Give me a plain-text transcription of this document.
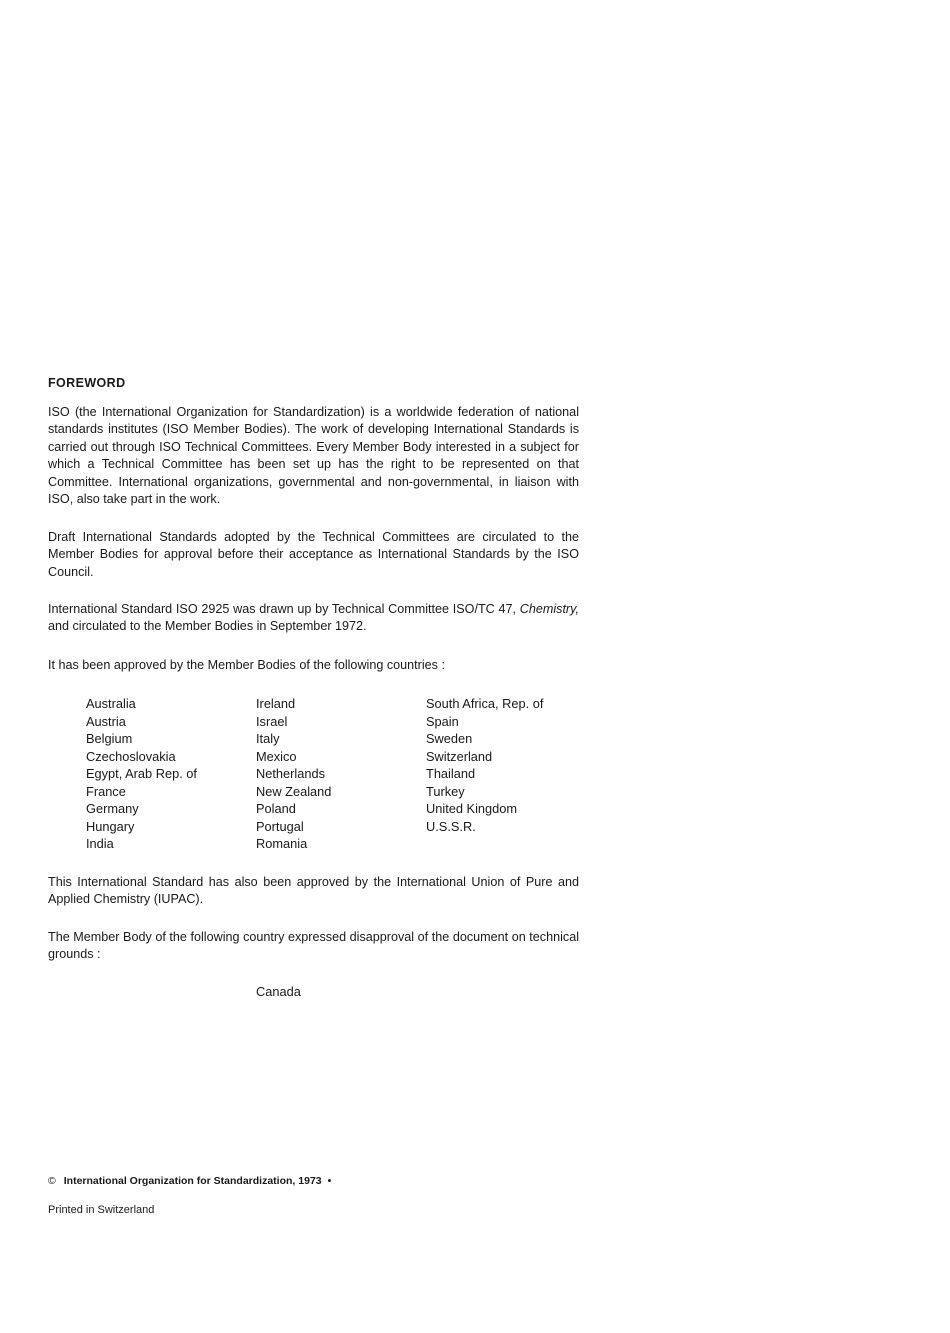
FOREWORD

ISO (the International Organization for Standardization) is a worldwide federation of national standards institutes (ISO Member Bodies). The work of developing International Standards is carried out through ISO Technical Committees. Every Member Body interested in a subject for which a Technical Committee has been set up has the right to be represented on that Committee. International organizations, governmental and non-governmental, in liaison with ISO, also take part in the work.

Draft International Standards adopted by the Technical Committees are circulated to the Member Bodies for approval before their acceptance as International Standards by the ISO Council.

International Standard ISO 2925 was drawn up by Technical Committee ISO/TC 47, Chemistry, and circulated to the Member Bodies in September 1972.

It has been approved by the Member Bodies of the following countries :

Australia
Austria
Belgium
Czechoslovakia
Egypt, Arab Rep. of
France
Germany
Hungary
India
Ireland
Israel
Italy
Mexico
Netherlands
New Zealand
Poland
Portugal
Romania
South Africa, Rep. of
Spain
Sweden
Switzerland
Thailand
Turkey
United Kingdom
U.S.S.R.

This International Standard has also been approved by the International Union of Pure and Applied Chemistry (IUPAC).

The Member Body of the following country expressed disapproval of the document on technical grounds :

Canada
© International Organization for Standardization, 1973 •
Printed in Switzerland
